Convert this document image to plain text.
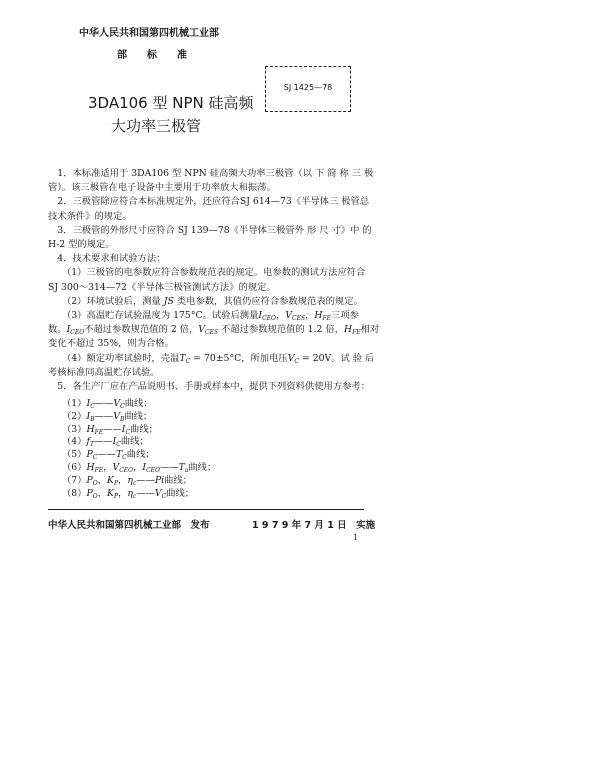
中华人民共和国第四机械工业部
部　　标　　准
SJ 1425—78
3DA106 型 NPN 硅高频
大功率三极管
　1．本标准适用于 3DA106 型 NPN 硅高频大功率三极管（以 下 简 称 三 极
管）。该三极管在电子设备中主要用于功率放大和振荡。
　2．三极管除应符合本标准规定外，还应符合SJ 614—73《半导体三 极管总
技术条件》的规定。
　3．三极管的外形尺寸应符合 SJ 139—78《半导体三极管外 形 尺 寸》中 的
H-2 型的规定。
　4．技术要求和试验方法：
　　（1）三极管的电参数应符合参数规范表的规定。电参数的测试方法应符合
SJ 300～314—72《半导体三极管测试方法》的规定。
　　（2）环境试验后，测量 JS 类电参数，其值仍应符合参数规范表的规定。
　　（3）高温贮存试验温度为 175°C。试验后测量$I_{CEO}$，$V_{CES}$，$H_{FE}$三项参
数。$I_{CEO}$不超过参数规范值的 2 倍，$V_{CES}$ 不超过参数规范值的 1.2 倍，$H_{FE}$相对
变化不超过 35%，则为合格。
　　（4）额定功率试验时，壳温$T_C = 70\pm 5^\circ C$，所加电压$V_C = 20V$。试 验 后
考核标准同高温贮存试验。
　5．各生产厂应在产品说明书、手册或样本中，提供下列资料供使用方参考：
$(1)I_C——V_C$曲线；
$(2)I_B——V_B$曲线；
$(3)H_{FE}——I_C$曲线；
$(4)f_T——I_C$曲线；
$(5)P_C——T_C$曲线；
$(6)H_{FE}$，$V_{CEO}$，$I_{CEO}——T_a$曲线；
$(7)P_O$，$K_P$，$\eta_c——Pi$曲线；
$(8)P_O$，$K_P$，$\eta_c——V_C$曲线；
中华人民共和国第四机械工业部　发布	1 9 7 9 年 7 月 1 日　实施
1
